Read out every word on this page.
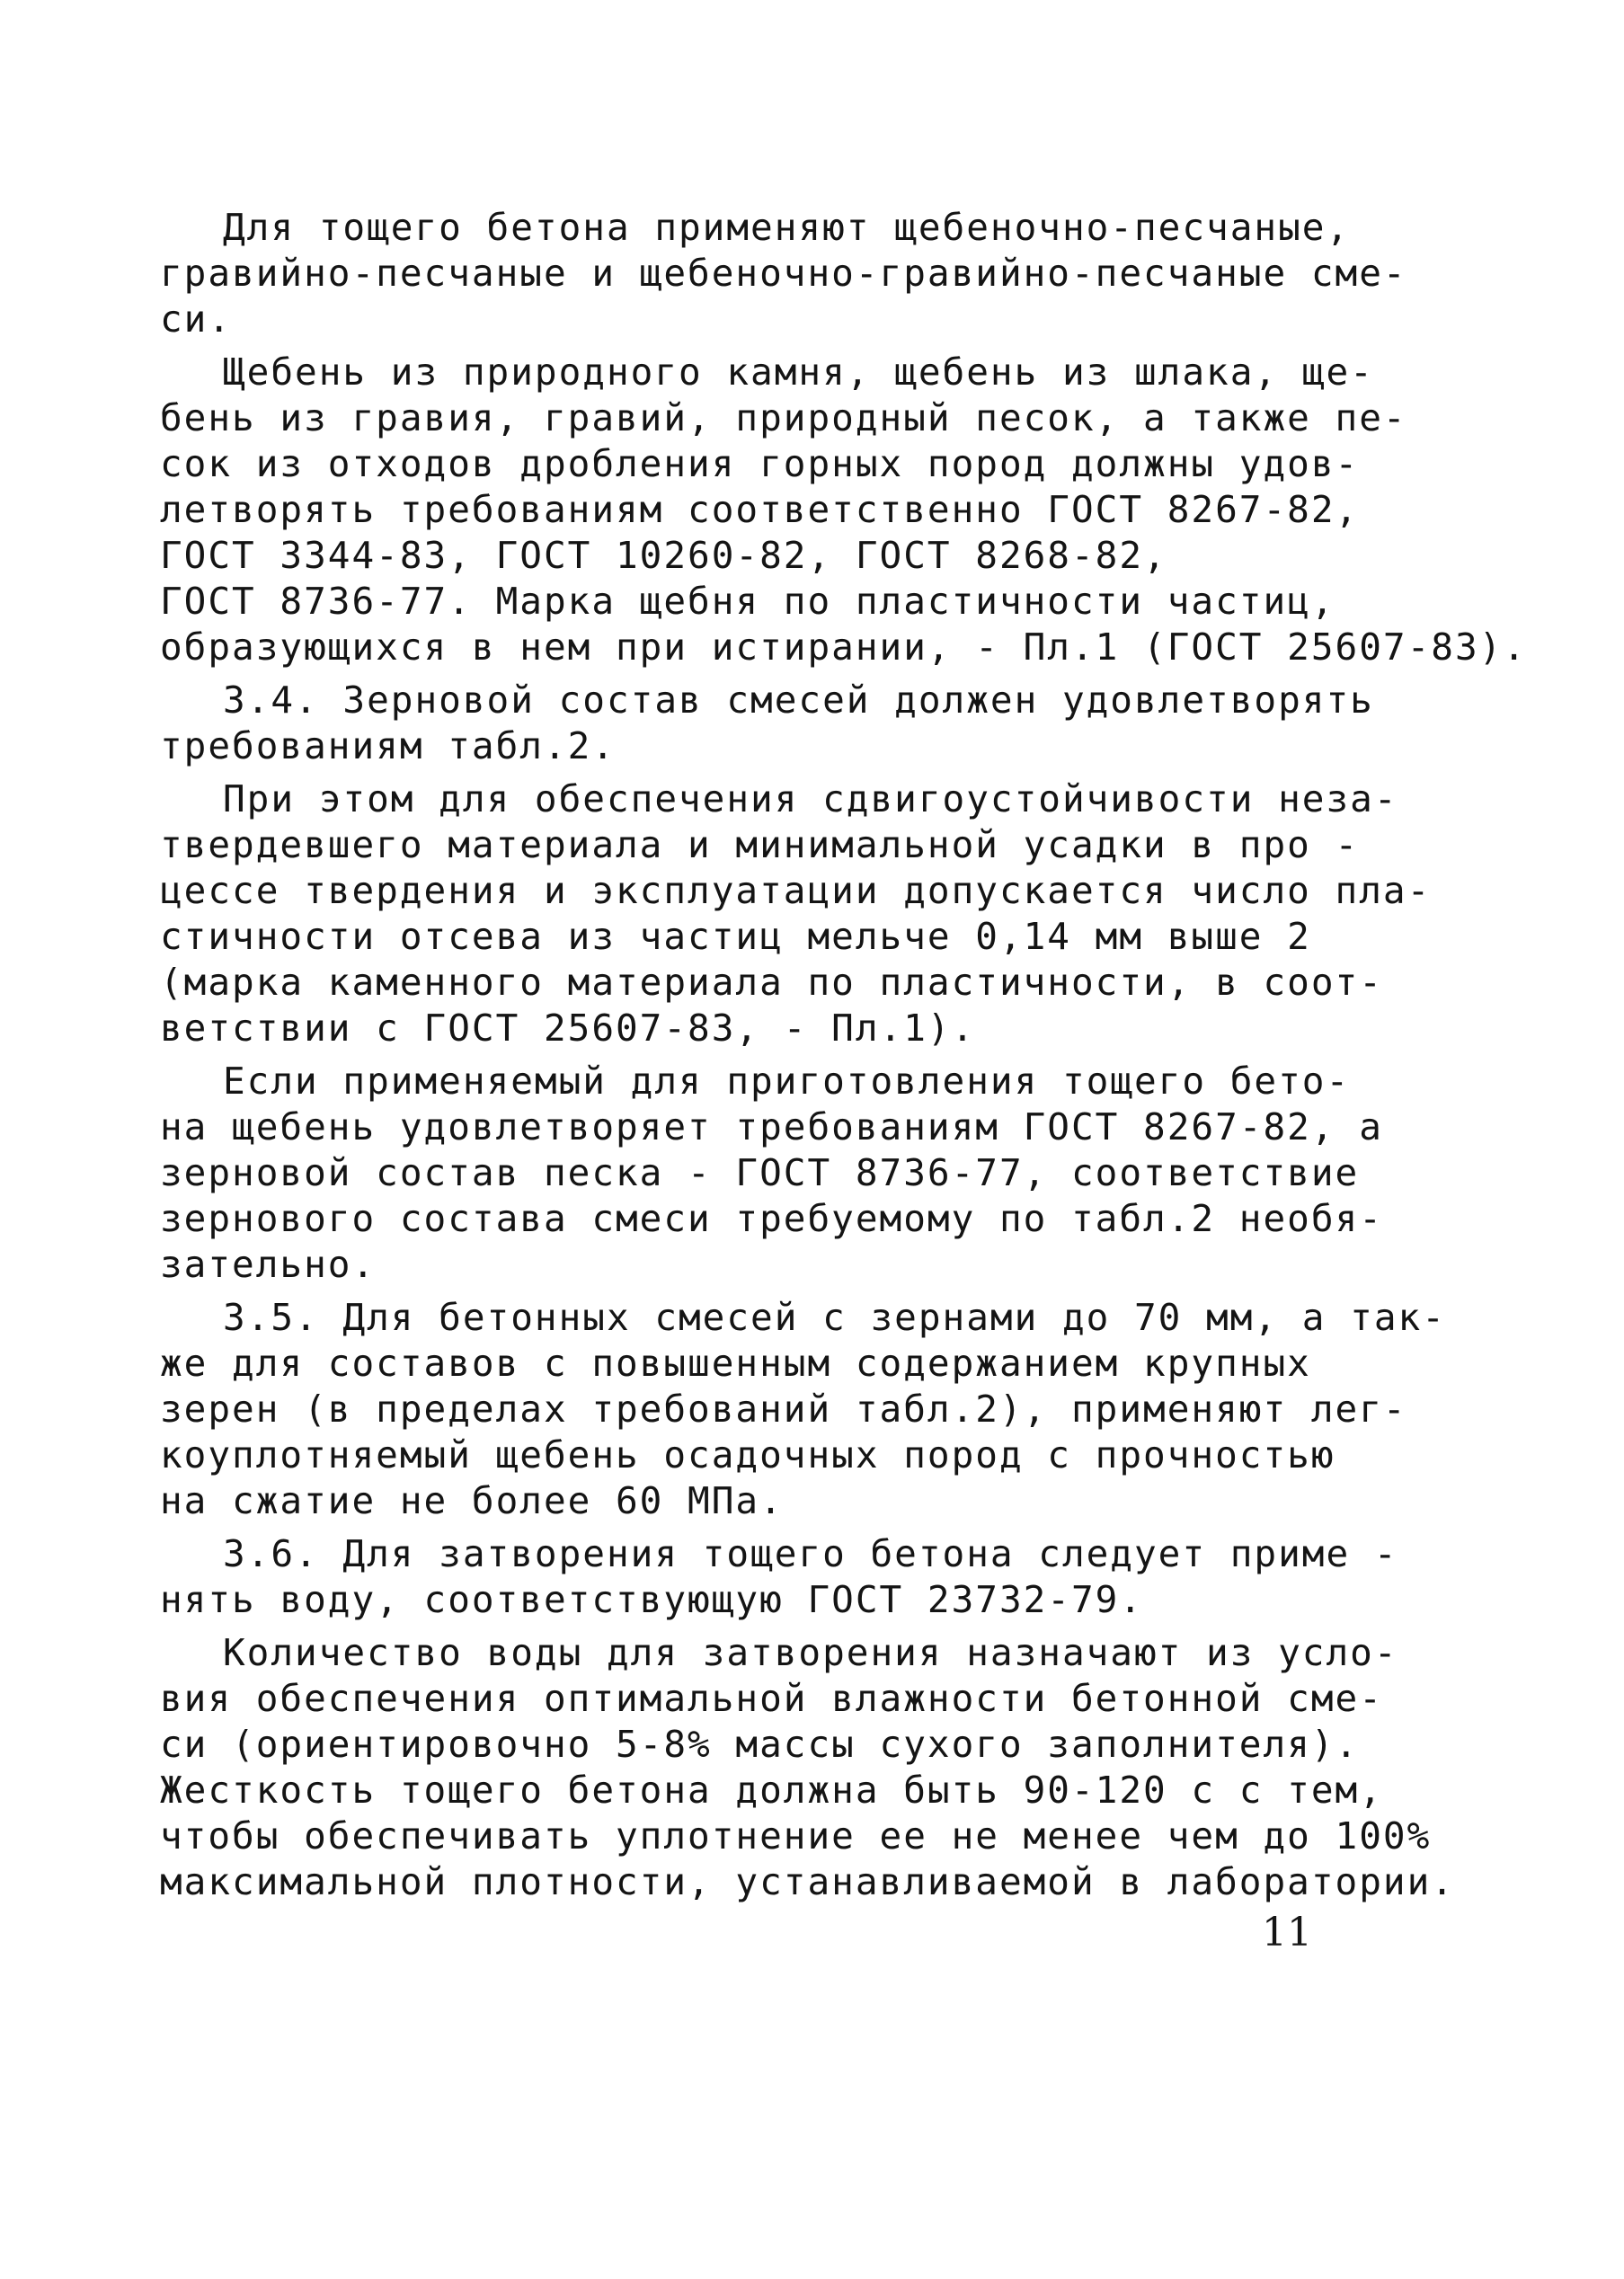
Для тощего бетона применяют щебеночно-песчаные,
гравийно-песчаные и щебеночно-гравийно-песчаные сме-
си.
Щебень из природного камня, щебень из шлака, ще-
бень из гравия, гравий, природный песок, а также пе-
сок из отходов дробления горных пород должны удов-
летворять требованиям соответственно ГОСТ 8267-82,
ГОСТ 3344-83, ГОСТ 10260-82, ГОСТ 8268-82,
ГОСТ 8736-77. Марка щебня по пластичности частиц,
образующихся в нем при истирании, - Пл.1 (ГОСТ 25607-83).
3.4. Зерновой состав смесей должен удовлетворять
требованиям табл.2.
При этом для обеспечения сдвигоустойчивости неза-
твердевшего материала и минимальной усадки в про -
цессе твердения и эксплуатации допускается число пла-
стичности отсева из частиц мельче 0,14 мм выше 2
(марка каменного материала по пластичности, в соот-
ветствии с ГОСТ 25607-83, - Пл.1).
Если применяемый для приготовления тощего бето-
на щебень удовлетворяет требованиям ГОСТ 8267-82, а
зерновой состав песка - ГОСТ 8736-77, соответствие
зернового состава смеси требуемому по табл.2 необя-
зательно.
3.5. Для бетонных смесей с зернами до 70 мм, а так-
же для составов с повышенным содержанием крупных
зерен (в пределах требований табл.2), применяют лег-
коуплотняемый щебень осадочных пород с прочностью
на сжатие не более 60 МПа.
3.6. Для затворения тощего бетона следует приме -
нять воду, соответствующую ГОСТ 23732-79.
Количество воды для затворения назначают из усло-
вия обеспечения оптимальной влажности бетонной сме-
си (ориентировочно 5-8% массы сухого заполнителя).
Жесткость тощего бетона должна быть 90-120 с с тем,
чтобы обеспечивать уплотнение ее не менее чем до 100%
максимальной плотности, устанавливаемой в лаборатории.
11
